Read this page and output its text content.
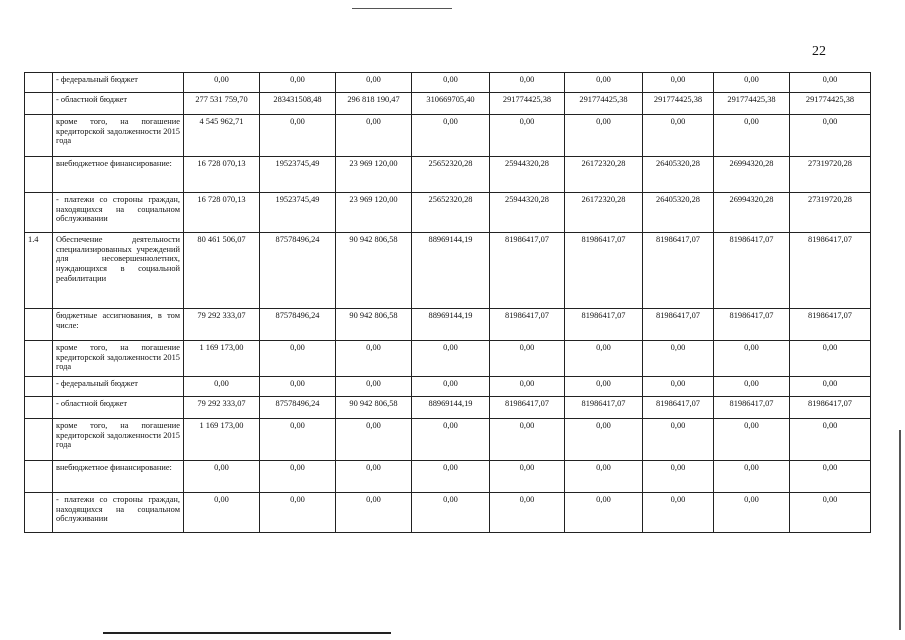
22
	- федеральный бюджет	0,00	0,00	0,00	0,00	0,00	0,00	0,00	0,00	0,00
	- областной бюджет	277 531 759,70	283431508,48	296 818 190,47	310669705,40	291774425,38	291774425,38	291774425,38	291774425,38	291774425,38
	кроме того, на погашение кредиторской задолженности 2015 года	4 545 962,71	0,00	0,00	0,00	0,00	0,00	0,00	0,00	0,00
	внебюджетное финансирование:	16 728 070,13	19523745,49	23 969 120,00	25652320,28	25944320,28	26172320,28	26405320,28	26994320,28	27319720,28
	- платежи со стороны граждан, находящихся на социальном обслуживании	16 728 070,13	19523745,49	23 969 120,00	25652320,28	25944320,28	26172320,28	26405320,28	26994320,28	27319720,28
1.4	Обеспечение деятельности специализированных учреждений для несовершеннолетних, нуждающихся в социальной реабилитации	80 461 506,07	87578496,24	90 942 806,58	88969144,19	81986417,07	81986417,07	81986417,07	81986417,07	81986417,07
	бюджетные ассигнования, в том числе:	79 292 333,07	87578496,24	90 942 806,58	88969144,19	81986417,07	81986417,07	81986417,07	81986417,07	81986417,07
	кроме того, на погашение кредиторской задолженности 2015 года	1 169 173,00	0,00	0,00	0,00	0,00	0,00	0,00	0,00	0,00
	- федеральный бюджет	0,00	0,00	0,00	0,00	0,00	0,00	0,00	0,00	0,00
	- областной бюджет	79 292 333,07	87578496,24	90 942 806,58	88969144,19	81986417,07	81986417,07	81986417,07	81986417,07	81986417,07
	кроме того, на погашение кредиторской задолженности 2015 года	1 169 173,00	0,00	0,00	0,00	0,00	0,00	0,00	0,00	0,00
	внебюджетное финансирование:	0,00	0,00	0,00	0,00	0,00	0,00	0,00	0,00	0,00
	- платежи со стороны граждан, находящихся на социальном обслуживании	0,00	0,00	0,00	0,00	0,00	0,00	0,00	0,00	0,00
